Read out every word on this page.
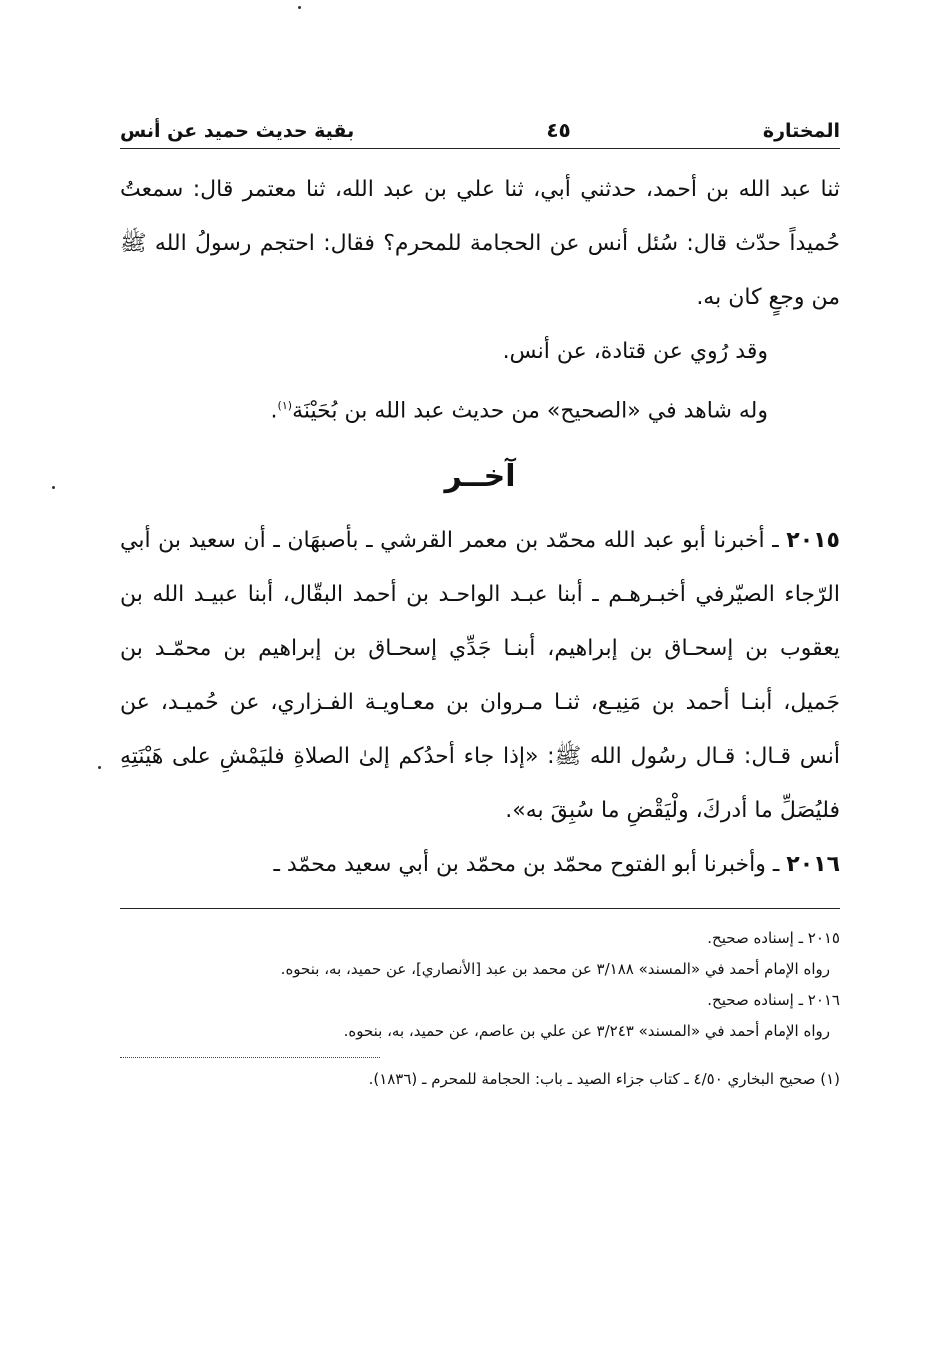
المختارة
٤٥
بقية حديث حميد عن أنس

ثنا عبد الله بن أحمد، حدثني أبي، ثنا علي بن عبد الله، ثنا معتمر قال: سمعتُ حُميداً حدّث قال: سُئل أنس عن الحجامة للمحرم؟ فقال: احتجم رسولُ الله ﷺ من وجعٍ كان به.

وقد رُوي عن قتادة، عن أنس.

وله شاهد في «الصحيح» من حديث عبد الله بن بُحَيْنَة$^{(١)}$.

آخــر

٢٠١٥ ـ أخبرنا أبو عبد الله محمّد بن معمر القرشي ـ بأصبهَان ـ أن سعيد بن أبي الرّجاء الصيّرفي أخبـرهـم ـ أبنا عبـد الواحـد بن أحمد البقّال، أبنا عبيـد الله بن يعقوب بن إسحـاق بن إبراهيم، أبنـا جَدِّي إسحـاق بن إبراهيم بن محمّـد بن جَميل، أبنـا أحمد بن مَنِيـع، ثنـا مـروان بن معـاويـة الفـزاري، عن حُميـد، عن أنس قـال: قـال رسُول الله ﷺ: «إذا جاء أحدُكم إلىٰ الصلاةِ فليَمْشِ على هَيْنَتِهِ فليُصَلِّ ما أدركَ، ولْيَقْضِ ما سُبِقَ به».

٢٠١٦ ـ وأخبرنا أبو الفتوح محمّد بن محمّد بن أبي سعيد محمّد ـ

٢٠١٥ ـ إسناده صحيح.

رواه الإمام أحمد في «المسند» ٣/١٨٨ عن محمد بن عبد [الأنصاري]، عن حميد، به، بنحوه.

٢٠١٦ ـ إسناده صحيح.

رواه الإمام أحمد في «المسند» ٣/٢٤٣ عن علي بن عاصم، عن حميد، به، بنحوه.

(١) صحيح البخاري ٤/٥٠ ـ كتاب جزاء الصيد ـ باب: الحجامة للمحرم ـ (١٨٣٦).
